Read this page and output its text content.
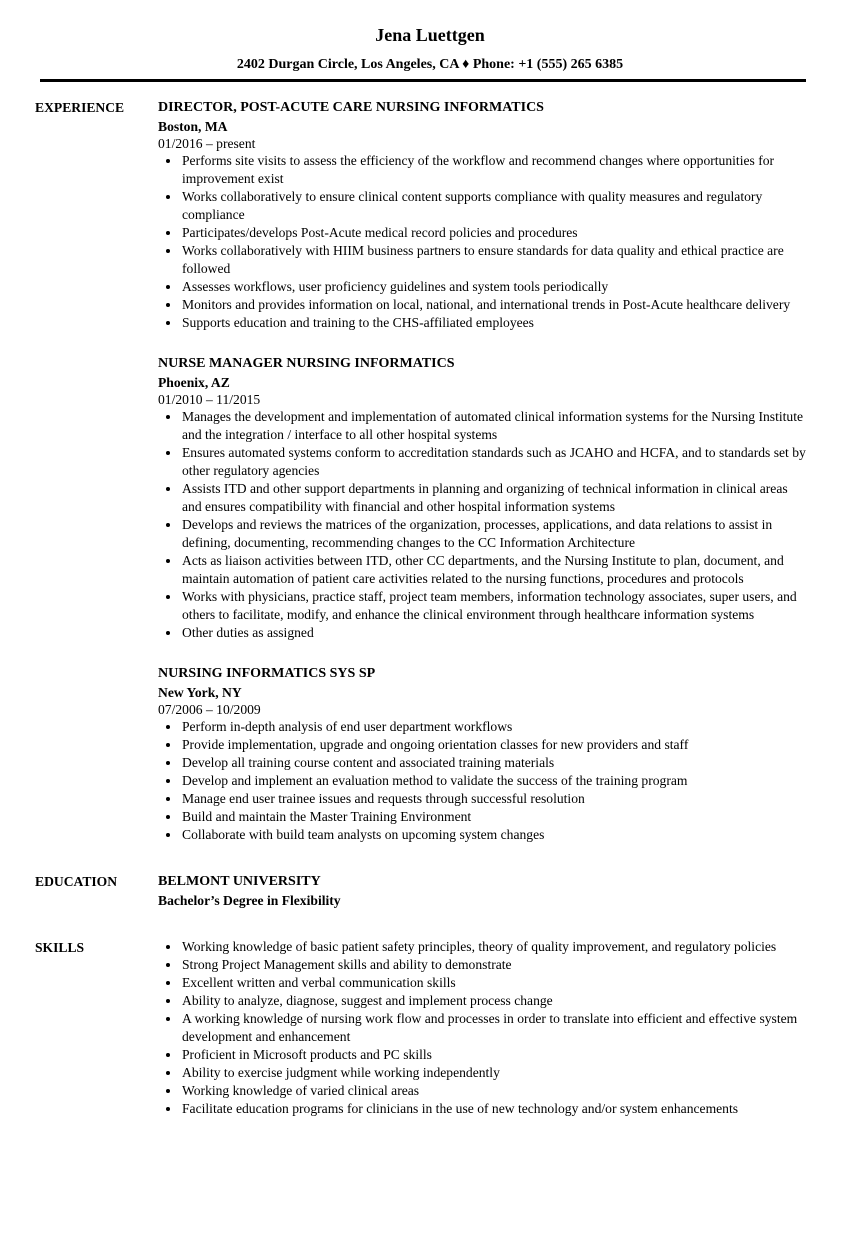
Jena Luettgen
2402 Durgan Circle, Los Angeles, CA ♦ Phone: +1 (555) 265 6385
EXPERIENCE	DIRECTOR, POST-ACUTE CARE NURSING INFORMATICS
Boston, MA
01/2016 – present
• Performs site visits to assess the efficiency of the workflow and recommend changes where opportunities for improvement exist
• Works collaboratively to ensure clinical content supports compliance with quality measures and regulatory compliance
• Participates/develops Post-Acute medical record policies and procedures
• Works collaboratively with HIIM business partners to ensure standards for data quality and ethical practice are followed
• Assesses workflows, user proficiency guidelines and system tools periodically
• Monitors and provides information on local, national, and international trends in Post-Acute healthcare delivery
• Supports education and training to the CHS-affiliated employees
NURSE MANAGER NURSING INFORMATICS
Phoenix, AZ
01/2010 – 11/2015
• Manages the development and implementation of automated clinical information systems for the Nursing Institute and the integration / interface to all other hospital systems
• Ensures automated systems conform to accreditation standards such as JCAHO and HCFA, and to standards set by other regulatory agencies
• Assists ITD and other support departments in planning and organizing of technical information in clinical areas and ensures compatibility with financial and other hospital information systems
• Develops and reviews the matrices of the organization, processes, applications, and data relations to assist in defining, documenting, recommending changes to the CC Information Architecture
• Acts as liaison activities between ITD, other CC departments, and the Nursing Institute to plan, document, and maintain automation of patient care activities related to the nursing functions, procedures and protocols
• Works with physicians, practice staff, project team members, information technology associates, super users, and others to facilitate, modify, and enhance the clinical environment through healthcare information systems
• Other duties as assigned
NURSING INFORMATICS SYS SP
New York, NY
07/2006 – 10/2009
• Perform in-depth analysis of end user department workflows
• Provide implementation, upgrade and ongoing orientation classes for new providers and staff
• Develop all training course content and associated training materials
• Develop and implement an evaluation method to validate the success of the training program
• Manage end user trainee issues and requests through successful resolution
• Build and maintain the Master Training Environment
• Collaborate with build team analysts on upcoming system changes
EDUCATION	BELMONT UNIVERSITY
Bachelor’s Degree in Flexibility
SKILLS	• Working knowledge of basic patient safety principles, theory of quality improvement, and regulatory policies
• Strong Project Management skills and ability to demonstrate
• Excellent written and verbal communication skills
• Ability to analyze, diagnose, suggest and implement process change
• A working knowledge of nursing work flow and processes in order to translate into efficient and effective system development and enhancement
• Proficient in Microsoft products and PC skills
• Ability to exercise judgment while working independently
• Working knowledge of varied clinical areas
• Facilitate education programs for clinicians in the use of new technology and/or system enhancements
